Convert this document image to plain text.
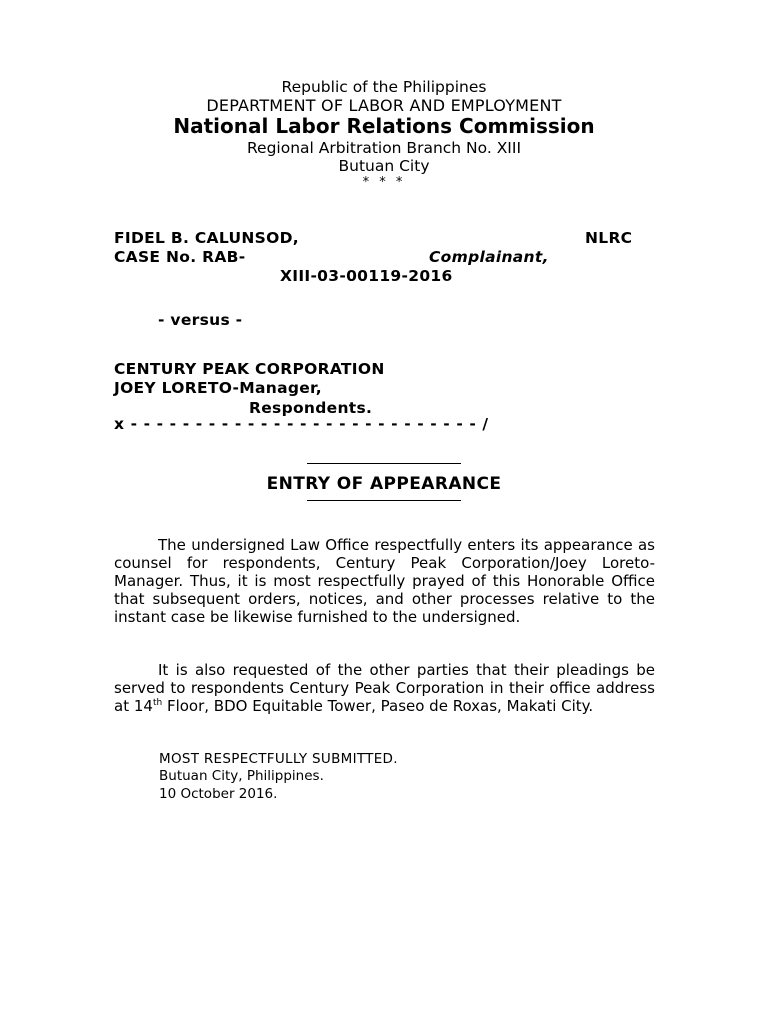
Republic of the Philippines
DEPARTMENT OF LABOR AND EMPLOYMENT
National Labor Relations Commission
Regional Arbitration Branch No. XIII
Butuan City
* * *
FIDEL B. CALUNSOD,	NLRC
CASE No. RAB-	Complainant,
XIII-03-00119-2016
- versus -
CENTURY PEAK CORPORATION
JOEY LORETO-Manager,
Respondents.
x - - - - - - - - - - - - - - - - - - - - - - - - - - - /
ENTRY OF APPEARANCE
The undersigned Law Office respectfully enters its appearance as counsel for respondents, Century Peak Corporation/Joey Loreto-Manager. Thus, it is most respectfully prayed of this Honorable Office that subsequent orders, notices, and other processes relative to the instant case be likewise furnished to the undersigned.
It is also requested of the other parties that their pleadings be served to respondents Century Peak Corporation in their office address at 14th Floor, BDO Equitable Tower, Paseo de Roxas, Makati City.
MOST RESPECTFULLY SUBMITTED.
Butuan City, Philippines.
10 October 2016.
